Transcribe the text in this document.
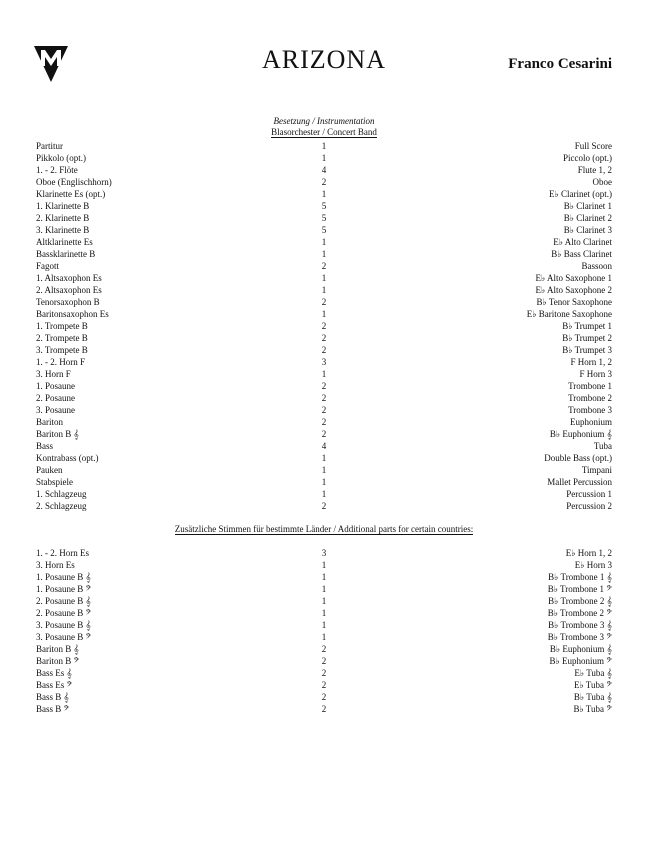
ARIZONA	Franco Cesarini
Besetzung / Instrumentation
Blasorchester / Concert Band
Partitur	1	Full Score
Pikkolo (opt.)	1	Piccolo (opt.)
1. - 2. Flöte	4	Flute 1, 2
Oboe (Englischhorn)	2	Oboe
Klarinette Es (opt.)	1	E♭ Clarinet (opt.)
1. Klarinette B	5	B♭ Clarinet 1
2. Klarinette B	5	B♭ Clarinet 2
3. Klarinette B	5	B♭ Clarinet 3
Altklarinette Es	1	E♭ Alto Clarinet
Bassklarinette B	1	B♭ Bass Clarinet
Fagott	2	Bassoon
1. Altsaxophon Es	1	E♭ Alto Saxophone 1
2. Altsaxophon Es	1	E♭ Alto Saxophone 2
Tenorsaxophon B	2	B♭ Tenor Saxophone
Baritonsaxophon Es	1	E♭ Baritone Saxophone
1. Trompete B	2	B♭ Trumpet 1
2. Trompete B	2	B♭ Trumpet 2
3. Trompete B	2	B♭ Trumpet 3
1. - 2. Horn F	3	F Horn 1, 2
3. Horn F	1	F Horn 3
1. Posaune	2	Trombone 1
2. Posaune	2	Trombone 2
3. Posaune	2	Trombone 3
Bariton	2	Euphonium
Bariton B 𝄞	2	B♭ Euphonium 𝄞
Bass	4	Tuba
Kontrabass (opt.)	1	Double Bass (opt.)
Pauken	1	Timpani
Stabspiele	1	Mallet Percussion
1. Schlagzeug	1	Percussion 1
2. Schlagzeug	2	Percussion 2
Zusätzliche Stimmen für bestimmte Länder / Additional parts for certain countries:
1. - 2. Horn Es	3	E♭ Horn 1, 2
3. Horn Es	1	E♭ Horn 3
1. Posaune B 𝄞	1	B♭ Trombone 1 𝄞
1. Posaune B 𝄢	1	B♭ Trombone 1 𝄢
2. Posaune B 𝄞	1	B♭ Trombone 2 𝄞
2. Posaune B 𝄢	1	B♭ Trombone 2 𝄢
3. Posaune B 𝄞	1	B♭ Trombone 3 𝄞
3. Posaune B 𝄢	1	B♭ Trombone 3 𝄢
Bariton B 𝄞	2	B♭ Euphonium 𝄞
Bariton B 𝄢	2	B♭ Euphonium 𝄢
Bass Es 𝄞	2	E♭ Tuba 𝄞
Bass Es 𝄢	2	E♭ Tuba 𝄢
Bass B 𝄞	2	B♭ Tuba 𝄞
Bass B 𝄢	2	B♭ Tuba 𝄢
